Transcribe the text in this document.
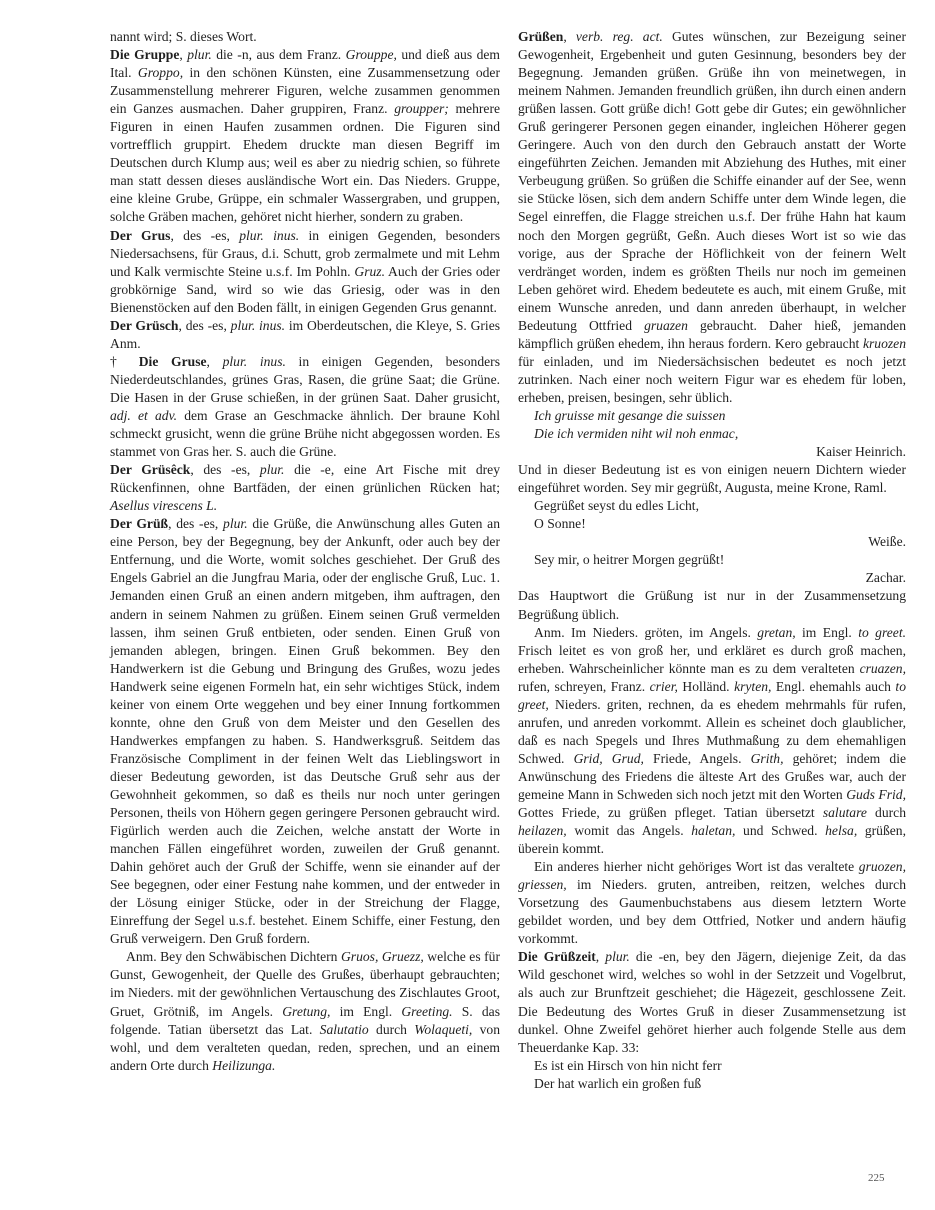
nannt wird; S. dieses Wort.

Die Gruppe, plur. die -n, aus dem Franz. Grouppe, und dieß aus dem Ital. Groppo, in den schönen Künsten, eine Zusammensetzung oder Zusammenstellung mehrerer Figuren, welche zusammen genommen ein Ganzes ausmachen. Daher gruppiren, Franz. groupper; mehrere Figuren in einen Haufen zusammen ordnen. Die Figuren sind vortrefflich gruppirt. Ehedem druckte man diesen Begriff im Deutschen durch Klump aus; weil es aber zu niedrig schien, so führete man statt dessen dieses ausländische Wort ein. Das Nieders. Gruppe, eine kleine Grube, Grüppe, ein schmaler Wassergraben, und gruppen, solche Gräben machen, gehöret nicht hierher, sondern zu graben.

Der Grus, des -es, plur. inus. in einigen Gegenden, besonders Niedersachsens, für Graus, d.i. Schutt, grob zermalmete und mit Lehm und Kalk vermischte Steine u.s.f. Im Pohln. Gruz. Auch der Gries oder grobkörnige Sand, wird so wie das Griesig, oder was in den Bienenstöcken auf den Boden fällt, in einigen Gegenden Grus genannt.

Der Grüsch, des -es, plur. inus. im Oberdeutschen, die Kleye, S. Gries Anm.

† Die Gruse, plur. inus. in einigen Gegenden, besonders Niederdeutschlandes, grünes Gras, Rasen, die grüne Saat; die Grüne. Die Hasen in der Gruse schießen, in der grünen Saat. Daher grusicht, adj. et adv. dem Grase an Geschmacke ähnlich. Der braune Kohl schmeckt grusicht, wenn die grüne Brühe nicht abgegossen worden. Es stammet von Gras her. S. auch die Grüne.

Der Grüsêck, des -es, plur. die -e, eine Art Fische mit drey Rückenfinnen, ohne Bartfäden, der einen grünlichen Rücken hat; Asellus virescens L.

Der Grüß, des -es, plur. die Grüße, die Anwünschung alles Guten an eine Person, bey der Begegnung, bey der Ankunft, oder auch bey der Entfernung, und die Worte, womit solches geschiehet. Der Gruß des Engels Gabriel an die Jungfrau Maria, oder der englische Gruß, Luc. 1. Jemanden einen Gruß an einen andern mitgeben, ihm auftragen, den andern in seinem Nahmen zu grüßen. Einem seinen Gruß vermelden lassen, ihm seinen Gruß entbieten, oder senden. Einen Gruß von jemanden ablegen, bringen. Einen Gruß bekommen. Bey den Handwerkern ist die Gebung und Bringung des Grußes, wozu jedes Handwerk seine eigenen Formeln hat, ein sehr wichtiges Stück, indem keiner von einem Orte weggehen und bey einer Innung fortkommen konnte, ohne den Gruß von dem Meister und den Gesellen des Handwerkes empfangen zu haben. S. Handwerksgruß. Seitdem das Französische Compliment in der feinen Welt das Lieblingswort in dieser Bedeutung geworden, ist das Deutsche Gruß sehr aus der Gewohnheit gekommen, so daß es theils nur noch unter geringen Personen, theils von Höhern gegen geringere Personen gebraucht wird. Figürlich werden auch die Zeichen, welche anstatt der Worte in manchen Fällen eingeführet worden, zuweilen der Gruß genannt. Dahin gehöret auch der Gruß der Schiffe, wenn sie einander auf der See begegnen, oder einer Festung nahe kommen, und der entweder in der Lösung einiger Stücke, oder in der Streichung der Flagge, Einreffung der Segel u.s.f. bestehet. Einem Schiffe, einer Festung, den Gruß verweigern. Den Gruß fordern.

Anm. Bey den Schwäbischen Dichtern Gruos, Gruezz, welche es für Gunst, Gewogenheit, der Quelle des Grußes, überhaupt gebrauchten; im Nieders. mit der gewöhnlichen Vertauschung des Zischlautes Groot, Gruet, Grötniß, im Angels. Gretung, im Engl. Greeting. S. das folgende. Tatian übersetzt das Lat. Salutatio durch Wolaqueti, von wohl, und dem veralteten quedan, reden, sprechen, und an einem andern Orte durch Heilizunga.

Grüßen, verb. reg. act. Gutes wünschen, zur Bezeigung seiner Gewogenheit, Ergebenheit und guten Gesinnung, besonders bey der Begegnung. Jemanden grüßen. Grüße ihn von meinetwegen, in meinem Nahmen. Jemanden freundlich grüßen, ihn durch einen andern grüßen lassen. Gott grüße dich! Gott gebe dir Gutes; ein gewöhnlicher Gruß geringerer Personen gegen einander, ingleichen Höherer gegen Geringere. Auch von den durch den Gebrauch anstatt der Worte eingeführten Zeichen. Jemanden mit Abziehung des Huthes, mit einer Verbeugung grüßen. So grüßen die Schiffe einander auf der See, wenn sie Stücke lösen, sich dem andern Schiffe unter dem Winde legen, die Segel einreffen, die Flagge streichen u.s.f. Der frühe Hahn hat kaum noch den Morgen gegrüßt, Geßn. Auch dieses Wort ist so wie das vorige, aus der Sprache der Höflichkeit von der feinern Welt verdränget worden, indem es größten Theils nur noch im gemeinen Leben gehöret wird. Ehedem bedeutete es auch, mit einem Gruße, mit einem Wunsche anreden, und dann anreden überhaupt, in welcher Bedeutung Ottfried gruazen gebraucht. Daher hieß, jemanden kämpflich grüßen ehedem, ihn heraus fordern. Kero gebraucht kruozen für einladen, und im Niedersächsischen bedeutet es noch jetzt zutrinken. Nach einer noch weitern Figur war es ehedem für loben, erheben, preisen, besingen, sehr üblich.

Ich gruisse mit gesange die suissen
Die ich vermiden niht wil noh enmac,

Kaiser Heinrich.

Und in dieser Bedeutung ist es von einigen neuern Dichtern wieder eingeführet worden. Sey mir gegrüßt, Augusta, meine Krone, Raml.

Gegrüßet seyst du edles Licht,
O Sonne!

Weiße.

Sey mir, o heitrer Morgen gegrüßt!

Zachar.

Das Hauptwort die Grüßung ist nur in der Zusammensetzung Begrüßung üblich.

Anm. Im Nieders. gröten, im Angels. gretan, im Engl. to greet. Frisch leitet es von groß her, und erkläret es durch groß machen, erheben. Wahrscheinlicher könnte man es zu dem veralteten cruazen, rufen, schreyen, Franz. crier, Holländ. kryten, Engl. ehemahls auch to greet, Nieders. griten, rechnen, da es ehedem mehrmahls für rufen, anrufen, und anreden vorkommt. Allein es scheinet doch glaublicher, daß es nach Spegels und Ihres Muthmaßung zu dem ehemahligen Schwed. Grid, Grud, Friede, Angels. Grith, gehöret; indem die Anwünschung des Friedens die älteste Art des Grußes war, auch der gemeine Mann in Schweden sich noch jetzt mit den Worten Guds Frid, Gottes Friede, zu grüßen pfleget. Tatian übersetzt salutare durch heilazen, womit das Angels. haletan, und Schwed. helsa, grüßen, überein kommt.

Ein anderes hierher nicht gehöriges Wort ist das veraltete gruozen, griessen, im Nieders. gruten, antreiben, reitzen, welches durch Vorsetzung des Gaumenbuchstabens aus diesem letztern Worte gebildet worden, und bey dem Ottfried, Notker und andern häufig vorkommt.

Die Grüßzeit, plur. die -en, bey den Jägern, diejenige Zeit, da das Wild geschonet wird, welches so wohl in der Setzzeit und Vogelbrut, als auch zur Brunftzeit geschiehet; die Hägezeit, geschlossene Zeit. Die Bedeutung des Wortes Gruß in dieser Zusammensetzung ist dunkel. Ohne Zweifel gehöret hierher auch folgende Stelle aus dem Theuerdanke Kap. 33:

Es ist ein Hirsch von hin nicht ferr
Der hat warlich ein großen fuß
225
